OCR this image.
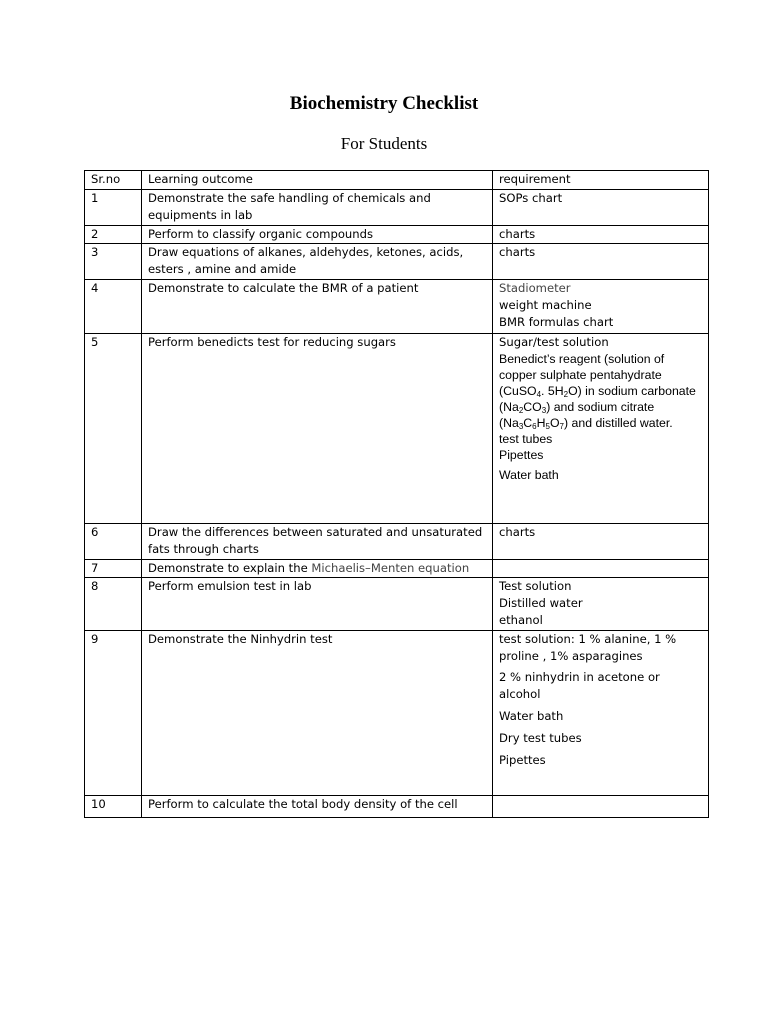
Biochemistry Checklist
For Students
Sr.no	Learning outcome	requirement
1	Demonstrate the safe handling of chemicals and equipments in lab	SOPs chart

2	Perform to classify organic compounds	charts

3	Draw equations of alkanes, aldehydes, ketones, acids, esters , amine and amide	charts

4	Demonstrate to calculate the BMR of a patient	Stadiometer
weight machine
BMR formulas chart

5	Perform benedicts test for reducing sugars	Sugar/test solution
Benedict’s reagent (solution of copper sulphate pentahydrate (CuSO$_4$. $5H_2O$) in sodium carbonate $(Na_2CO_3)$ and sodium citrate $(Na_3C_6H_5O_7)$ and distilled water.
test tubes
Pipettes
Water bath

6	Draw the differences between saturated and unsaturated fats through charts	charts

7	Demonstrate to explain the Michaelis–Menten equation	
8	Perform emulsion test in lab	Test solution
Distilled water
ethanol

9	Demonstrate the Ninhydrin test	test solution: 1 % alanine, 1 % proline , 1% asparagines
2 % ninhydrin in acetone or alcohol
Water bath
Dry test tubes
Pipettes

10	Perform to calculate the total body density of the cell	
